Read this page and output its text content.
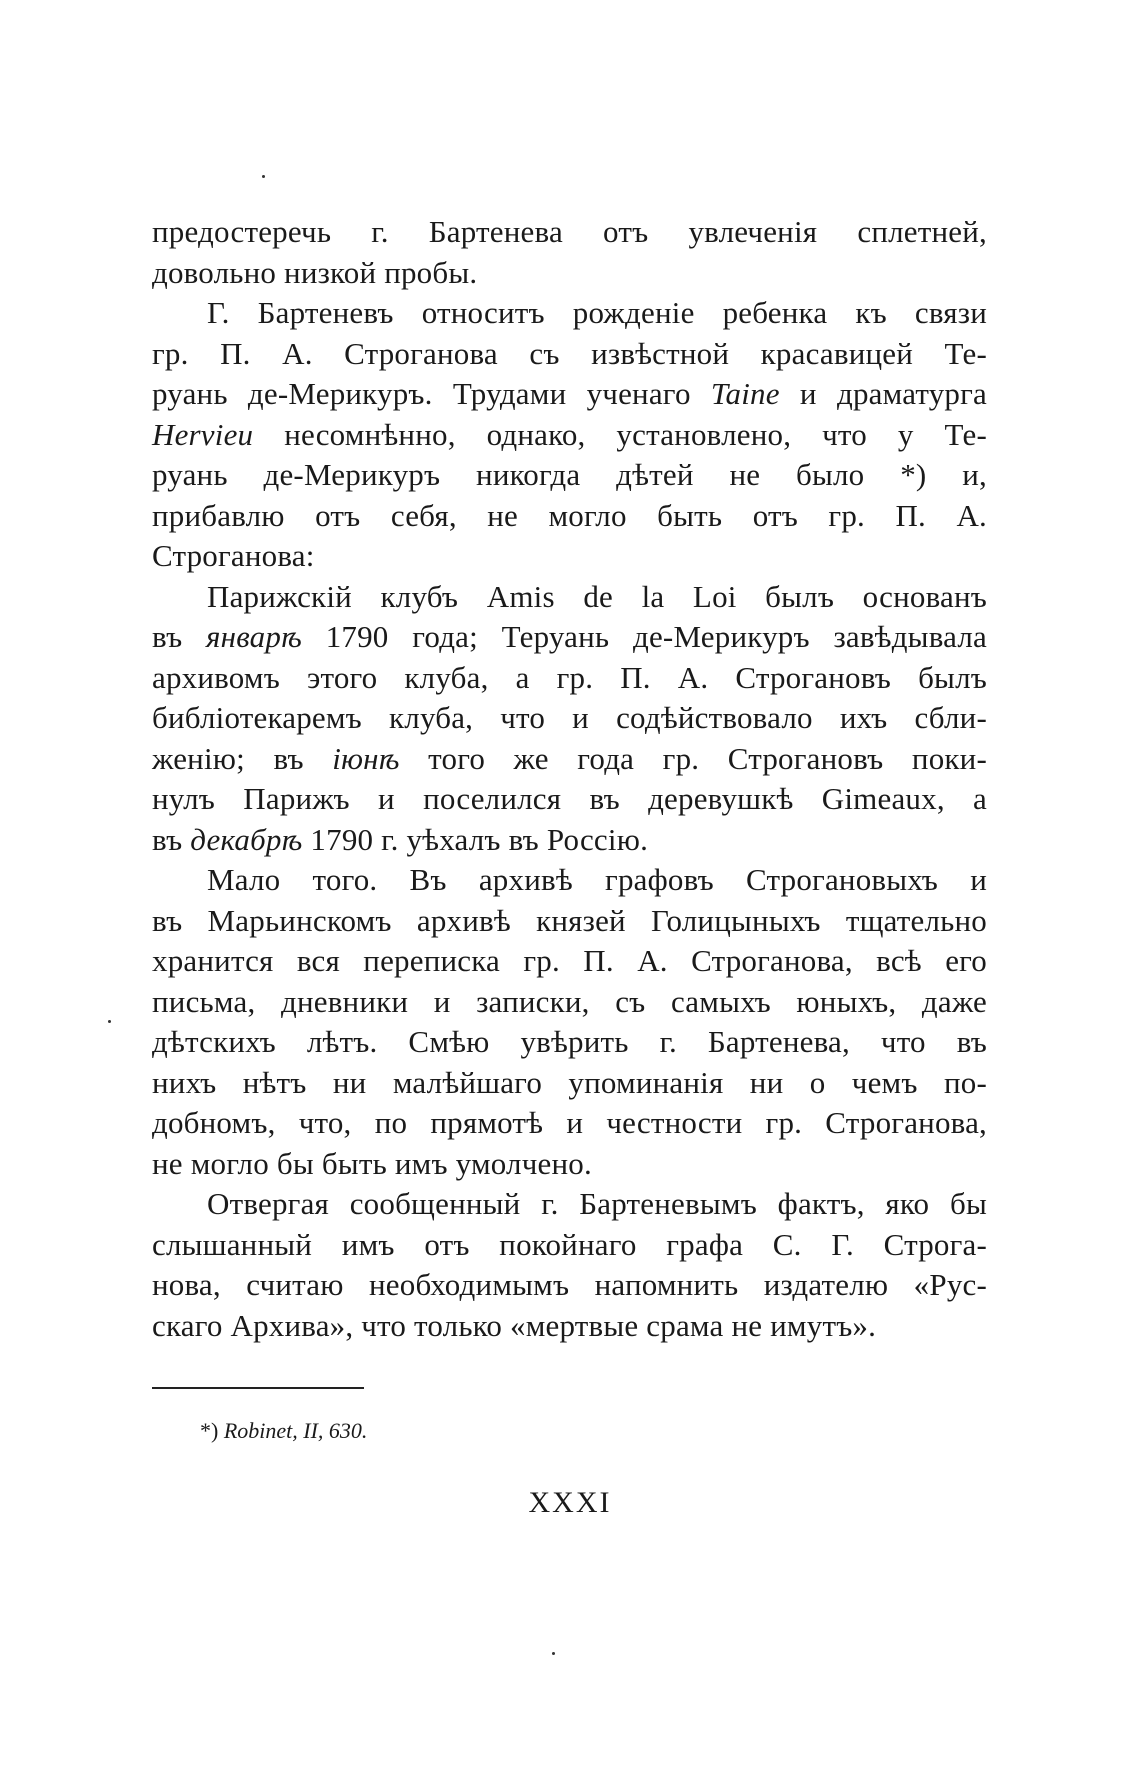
предостеречь г. Бартенева отъ увлеченія сплетней,
довольно низкой пробы.
Г. Бартеневъ относитъ рожденіе ребенка къ связи
гр. П. А. Строганова съ извѣстной красавицей Те-
руань де-Мерикуръ. Трудами ученаго Taine и драматурга
Hervieu несомнѣнно, однако, установлено, что у Те-
руань де-Мерикуръ никогда дѣтей не было *) и,
прибавлю отъ себя, не могло быть отъ гр. П. А.
Строганова:
Парижскій клубъ Amis de la Loi былъ основанъ
въ январѣ 1790 года; Теруань де-Мерикуръ завѣдывала
архивомъ этого клуба, а гр. П. А. Строгановъ былъ
библіотекаремъ клуба, что и содѣйствовало ихъ сбли-
женію; въ іюнѣ того же года гр. Строгановъ поки-
нулъ Парижъ и поселился въ деревушкѣ Gimeaux, а
въ декабрѣ 1790 г. уѣхалъ въ Россію.
Мало того. Въ архивѣ графовъ Строгановыхъ и
въ Марьинскомъ архивѣ князей Голицыныхъ тщательно
хранится вся переписка гр. П. А. Строганова, всѣ его
письма, дневники и записки, съ самыхъ юныхъ, даже
дѣтскихъ лѣтъ. Смѣю увѣрить г. Бартенева, что въ
нихъ нѣтъ ни малѣйшаго упоминанія ни о чемъ по-
добномъ, что, по прямотѣ и честности гр. Строганова,
не могло бы быть имъ умолчено.
Отвергая сообщенный г. Бартеневымъ фактъ, яко бы
слышанный имъ отъ покойнаго графа С. Г. Строга-
нова, считаю необходимымъ напомнить издателю «Рус-
скаго Архива», что только «мертвые срама не имутъ».
*) Robinet, II, 630.
XXXI
